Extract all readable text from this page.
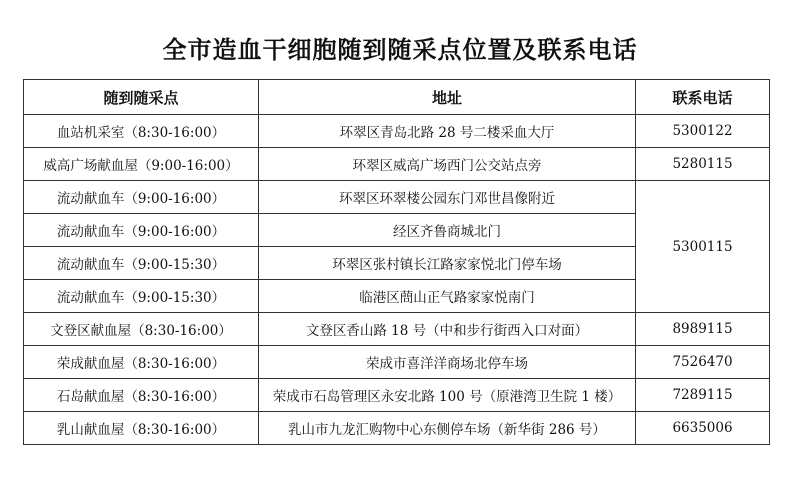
全市造血干细胞随到随采点位置及联系电话
随到随采点	地址	联系电话
血站机采室（8:30-16:00）	环翠区青岛北路 28 号二楼采血大厅	5300122
威高广场献血屋（9:00-16:00）	环翠区威高广场西门公交站点旁	5280115
流动献血车（9:00-16:00）	环翠区环翠楼公园东门邓世昌像附近	5300115
流动献血车（9:00-16:00）	经区齐鲁商城北门	
流动献血车（9:00-15:30）	环翠区张村镇长江路家家悦北门停车场	
流动献血车（9:00-15:30）	临港区蔄山正气路家家悦南门	
文登区献血屋（8:30-16:00）	文登区香山路 18 号（中和步行街西入口对面）	8989115
荣成献血屋（8:30-16:00）	荣成市喜洋洋商场北停车场	7526470
石岛献血屋（8:30-16:00）	荣成市石岛管理区永安北路 100 号（原港湾卫生院 1 楼）	7289115
乳山献血屋（8:30-16:00）	乳山市九龙汇购物中心东侧停车场（新华街 286 号）	6635006
